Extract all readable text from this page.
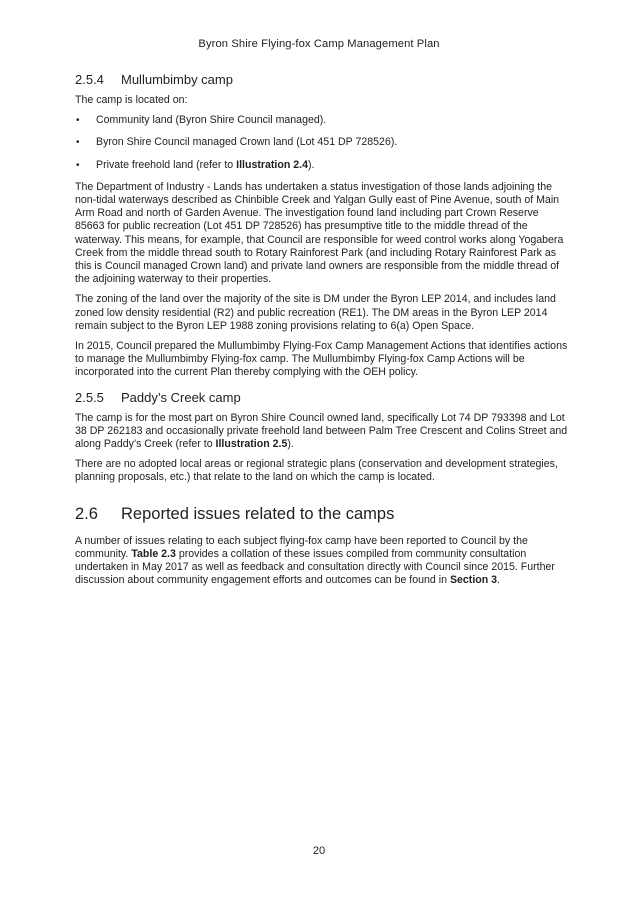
Byron Shire Flying-fox Camp Management Plan
2.5.4	Mullumbimby camp

The camp is located on:

• Community land (Byron Shire Council managed).
• Byron Shire Council managed Crown land (Lot 451 DP 728526).
• Private freehold land (refer to Illustration 2.4).

The Department of Industry - Lands has undertaken a status investigation of those lands adjoining the non-tidal waterways described as Chinbible Creek and Yalgan Gully east of Pine Avenue, south of Main Arm Road and north of Garden Avenue. The investigation found land including part Crown Reserve 85663 for public recreation (Lot 451 DP 728526) has presumptive title to the middle thread of the waterway. This means, for example, that Council are responsible for weed control works along Yogabera Creek from the middle thread south to Rotary Rainforest Park (and including Rotary Rainforest Park as this is Council managed Crown land) and private land owners are responsible from the middle thread of the adjoining waterway to their properties.

The zoning of the land over the majority of the site is DM under the Byron LEP 2014, and includes land zoned low density residential (R2) and public recreation (RE1). The DM areas in the Byron LEP 2014 remain subject to the Byron LEP 1988 zoning provisions relating to 6(a) Open Space.

In 2015, Council prepared the Mullumbimby Flying-Fox Camp Management Actions that identifies actions to manage the Mullumbimby Flying-fox camp. The Mullumbimby Flying-fox Camp Actions will be incorporated into the current Plan thereby complying with the OEH policy.

2.5.5	Paddy’s Creek camp

The camp is for the most part on Byron Shire Council owned land, specifically Lot 74 DP 793398 and Lot 38 DP 262183 and occasionally private freehold land between Palm Tree Crescent and Colins Street and along Paddy’s Creek (refer to Illustration 2.5).

There are no adopted local areas or regional strategic plans (conservation and development strategies, planning proposals, etc.) that relate to the land on which the camp is located.

2.6	Reported issues related to the camps

A number of issues relating to each subject flying-fox camp have been reported to Council by the community. Table 2.3 provides a collation of these issues compiled from community consultation undertaken in May 2017 as well as feedback and consultation directly with Council since 2015. Further discussion about community engagement efforts and outcomes can be found in Section 3.

20
